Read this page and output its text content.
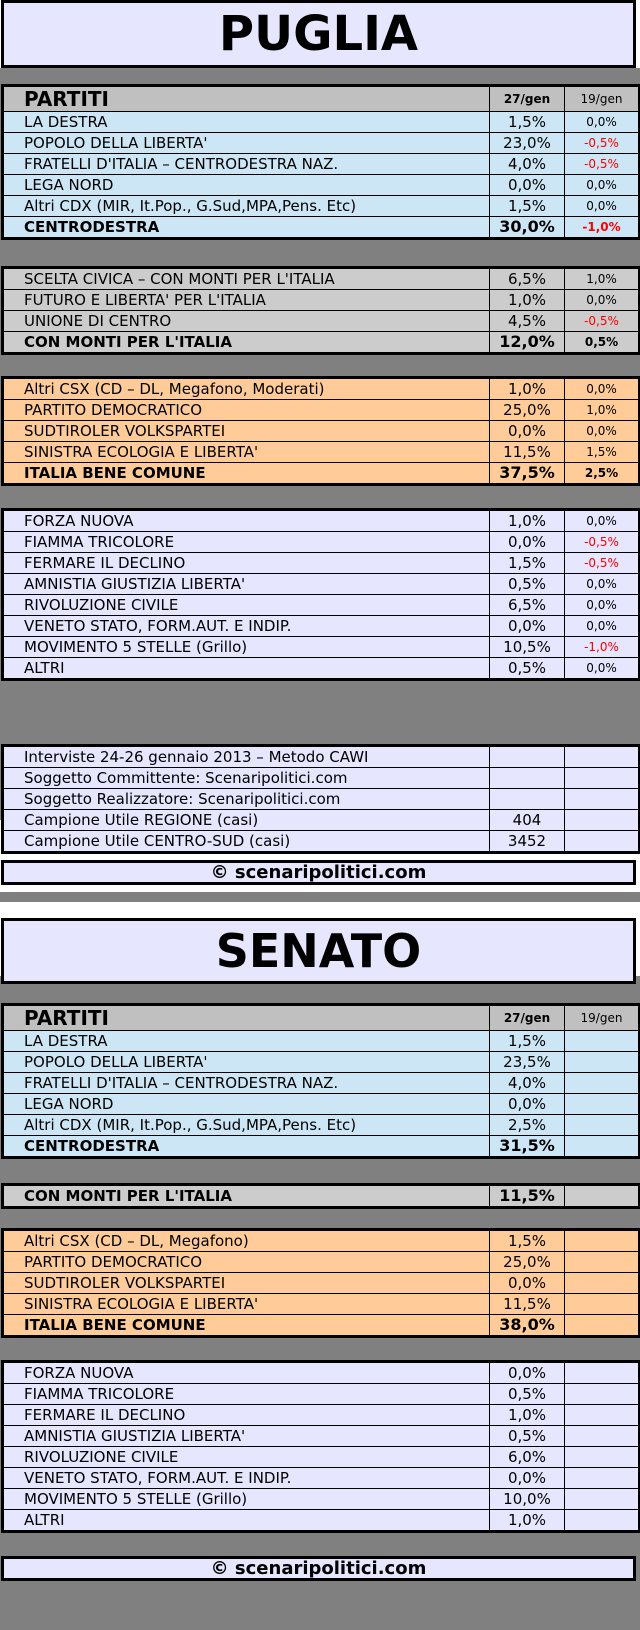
PUGLIA
PARTITI	27/gen	19/gen
LA DESTRA	1,5%	0,0%
POPOLO DELLA LIBERTA'	23,0%	-0,5%
FRATELLI D'ITALIA – CENTRODESTRA NAZ.	4,0%	-0,5%
LEGA NORD	0,0%	0,0%
Altri CDX (MIR, It.Pop., G.Sud,MPA,Pens. Etc)	1,5%	0,0%
CENTRODESTRA	30,0%	-1,0%
SCELTA CIVICA – CON MONTI PER L'ITALIA	6,5%	1,0%
FUTURO E LIBERTA' PER L'ITALIA	1,0%	0,0%
UNIONE DI CENTRO	4,5%	-0,5%
CON MONTI PER L'ITALIA	12,0%	0,5%
Altri CSX (CD – DL, Megafono, Moderati)	1,0%	0,0%
PARTITO DEMOCRATICO	25,0%	1,0%
SUDTIROLER VOLKSPARTEI	0,0%	0,0%
SINISTRA ECOLOGIA E LIBERTA'	11,5%	1,5%
ITALIA BENE COMUNE	37,5%	2,5%
FORZA NUOVA	1,0%	0,0%
FIAMMA TRICOLORE	0,0%	-0,5%
FERMARE IL DECLINO	1,5%	-0,5%
AMNISTIA GIUSTIZIA LIBERTA'	0,5%	0,0%
RIVOLUZIONE CIVILE	6,5%	0,0%
VENETO STATO, FORM.AUT. E INDIP.	0,0%	0,0%
MOVIMENTO 5 STELLE (Grillo)	10,5%	-1,0%
ALTRI	0,5%	0,0%
Interviste 24-26 gennaio 2013 – Metodo CAWI		
Soggetto Committente: Scenaripolitici.com		
Soggetto Realizzatore: Scenaripolitici.com		
Campione Utile REGIONE (casi)	404	
Campione Utile CENTRO-SUD (casi)	3452	
© scenaripolitici.com
SENATO
PARTITI	27/gen	19/gen
LA DESTRA	1,5%	
POPOLO DELLA LIBERTA'	23,5%	
FRATELLI D'ITALIA – CENTRODESTRA NAZ.	4,0%	
LEGA NORD	0,0%	
Altri CDX (MIR, It.Pop., G.Sud,MPA,Pens. Etc)	2,5%	
CENTRODESTRA	31,5%	
CON MONTI PER L'ITALIA	11,5%	
Altri CSX (CD – DL, Megafono)	1,5%	
PARTITO DEMOCRATICO	25,0%	
SUDTIROLER VOLKSPARTEI	0,0%	
SINISTRA ECOLOGIA E LIBERTA'	11,5%	
ITALIA BENE COMUNE	38,0%	
FORZA NUOVA	0,0%	
FIAMMA TRICOLORE	0,5%	
FERMARE IL DECLINO	1,0%	
AMNISTIA GIUSTIZIA LIBERTA'	0,5%	
RIVOLUZIONE CIVILE	6,0%	
VENETO STATO, FORM.AUT. E INDIP.	0,0%	
MOVIMENTO 5 STELLE (Grillo)	10,0%	
ALTRI	1,0%	
© scenaripolitici.com
